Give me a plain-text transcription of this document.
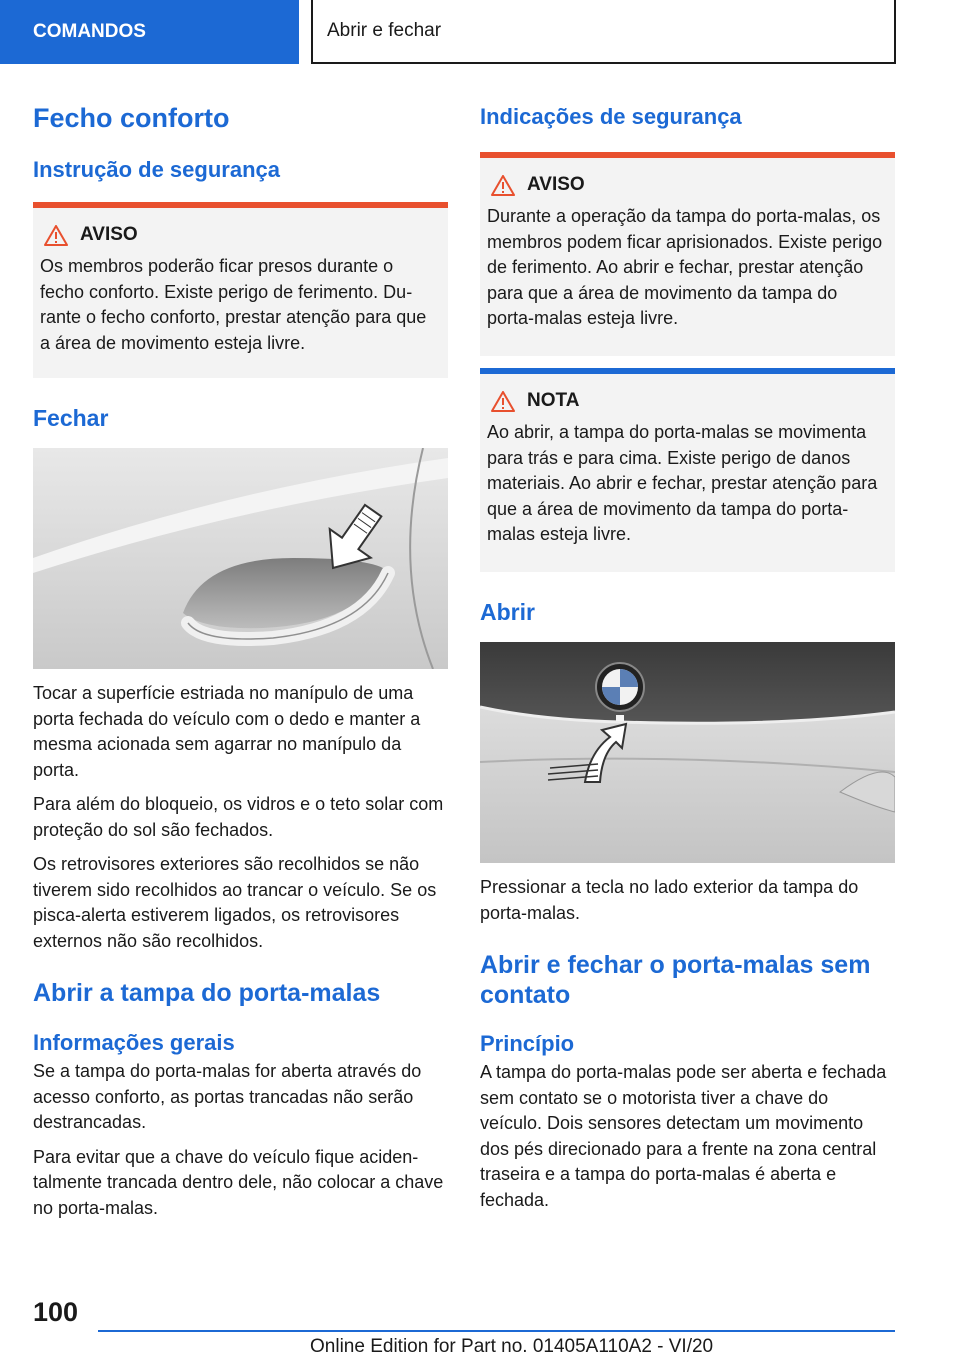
COMANDOS	Abrir e fechar
Fecho conforto
Instrução de segurança
AVISO

Os membros poderão ficar presos durante o fecho conforto. Existe perigo de ferimento. Durante o fecho conforto, prestar atenção para que a área de movimento esteja livre.

Fechar

Tocar a superfície estriada no manípulo de uma porta fechada do veículo com o dedo e manter a mesma acionada sem agarrar no manípulo da porta.

Para além do bloqueio, os vidros e o teto solar com proteção do sol são fechados.

Os retrovisores exteriores são recolhidos se não tiverem sido recolhidos ao trancar o veículo. Se os pisca-alerta estiverem ligados, os retrovisores externos não são recolhidos.

Abrir a tampa do porta-malas
Informações gerais

Se a tampa do porta-malas for aberta através do acesso conforto, as portas trancadas não serão destrancadas.

Para evitar que a chave do veículo fique acidentalmente trancada dentro dele, não colocar a chave no porta-malas.

Indicações de segurança
AVISO

Durante a operação da tampa do porta-malas, os membros podem ficar aprisionados. Existe perigo de ferimento. Ao abrir e fechar, prestar atenção para que a área de movimento da tampa do porta-malas esteja livre.

NOTA

Ao abrir, a tampa do porta-malas se movimenta para trás e para cima. Existe perigo de danos materiais. Ao abrir e fechar, prestar atenção para que a área de movimento da tampa do porta-malas esteja livre.

Abrir

Pressionar a tecla no lado exterior da tampa do porta-malas.

Abrir e fechar o porta-malas sem contato
Princípio

A tampa do porta-malas pode ser aberta e fechada sem contato se o motorista tiver a chave do veículo. Dois sensores detectam um movimento dos pés direcionado para a frente na zona central traseira e a tampa do porta-malas é aberta e fechada.

100
Online Edition for Part no. 01405A110A2 - VI/20
